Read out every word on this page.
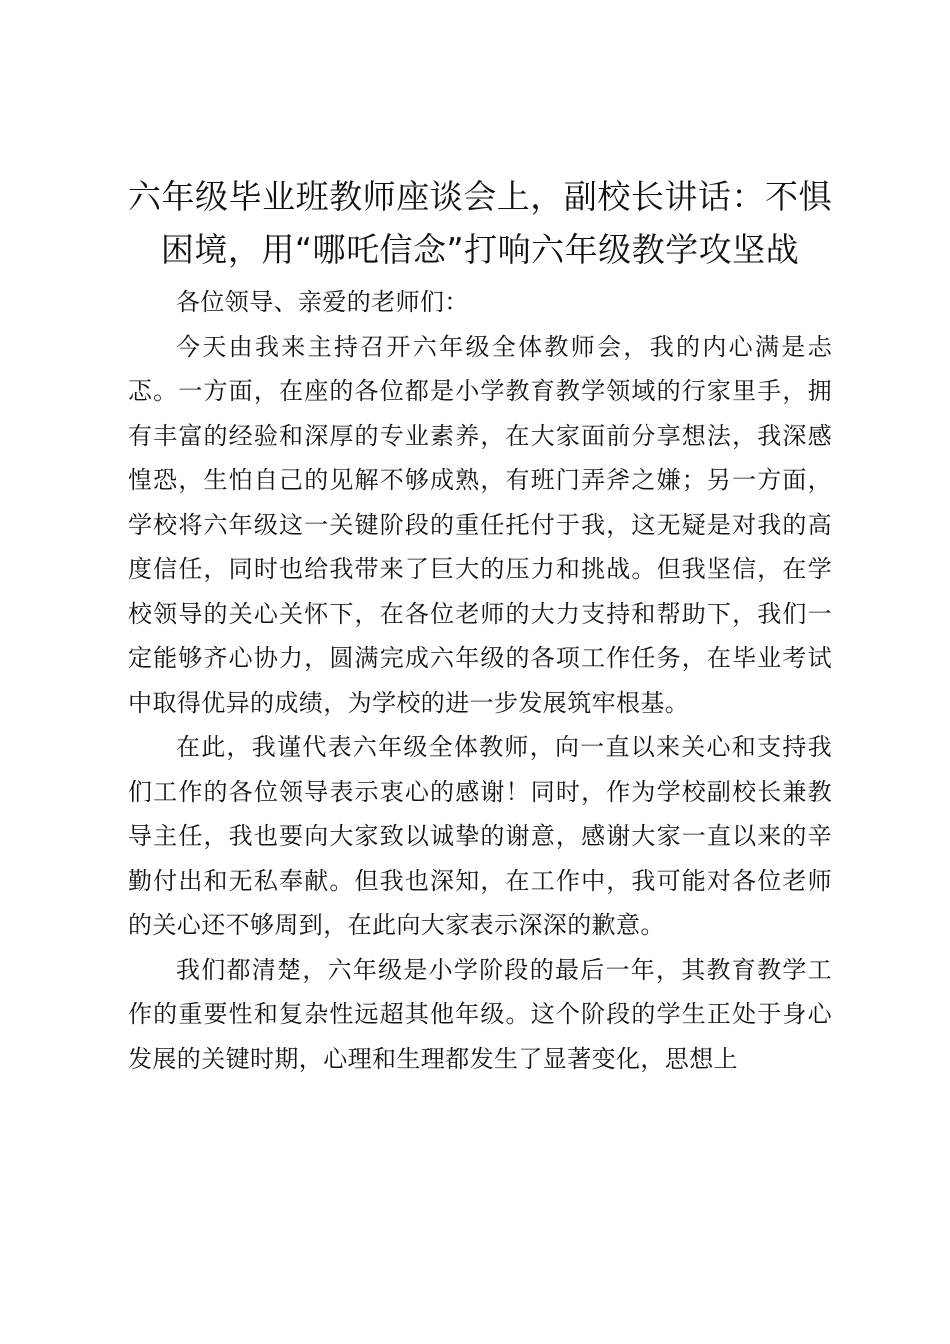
六年级毕业班教师座谈会上，副校长讲话：不惧困境，用“哪吒信念”打响六年级教学攻坚战

各位领导、亲爱的老师们：

今天由我来主持召开六年级全体教师会，我的内心满是忐忑。一方面，在座的各位都是小学教育教学领域的行家里手，拥有丰富的经验和深厚的专业素养，在大家面前分享想法，我深感惶恐，生怕自己的见解不够成熟，有班门弄斧之嫌；另一方面，学校将六年级这一关键阶段的重任托付于我，这无疑是对我的高度信任，同时也给我带来了巨大的压力和挑战。但我坚信，在学校领导的关心关怀下，在各位老师的大力支持和帮助下，我们一定能够齐心协力，圆满完成六年级的各项工作任务，在毕业考试中取得优异的成绩，为学校的进一步发展筑牢根基。

在此，我谨代表六年级全体教师，向一直以来关心和支持我们工作的各位领导表示衷心的感谢！同时，作为学校副校长兼教导主任，我也要向大家致以诚挚的谢意，感谢大家一直以来的辛勤付出和无私奉献。但我也深知，在工作中，我可能对各位老师的关心还不够周到，在此向大家表示深深的歉意。

我们都清楚，六年级是小学阶段的最后一年，其教育教学工作的重要性和复杂性远超其他年级。这个阶段的学生正处于身心发展的关键时期，心理和生理都发生了显著变化，思想上
